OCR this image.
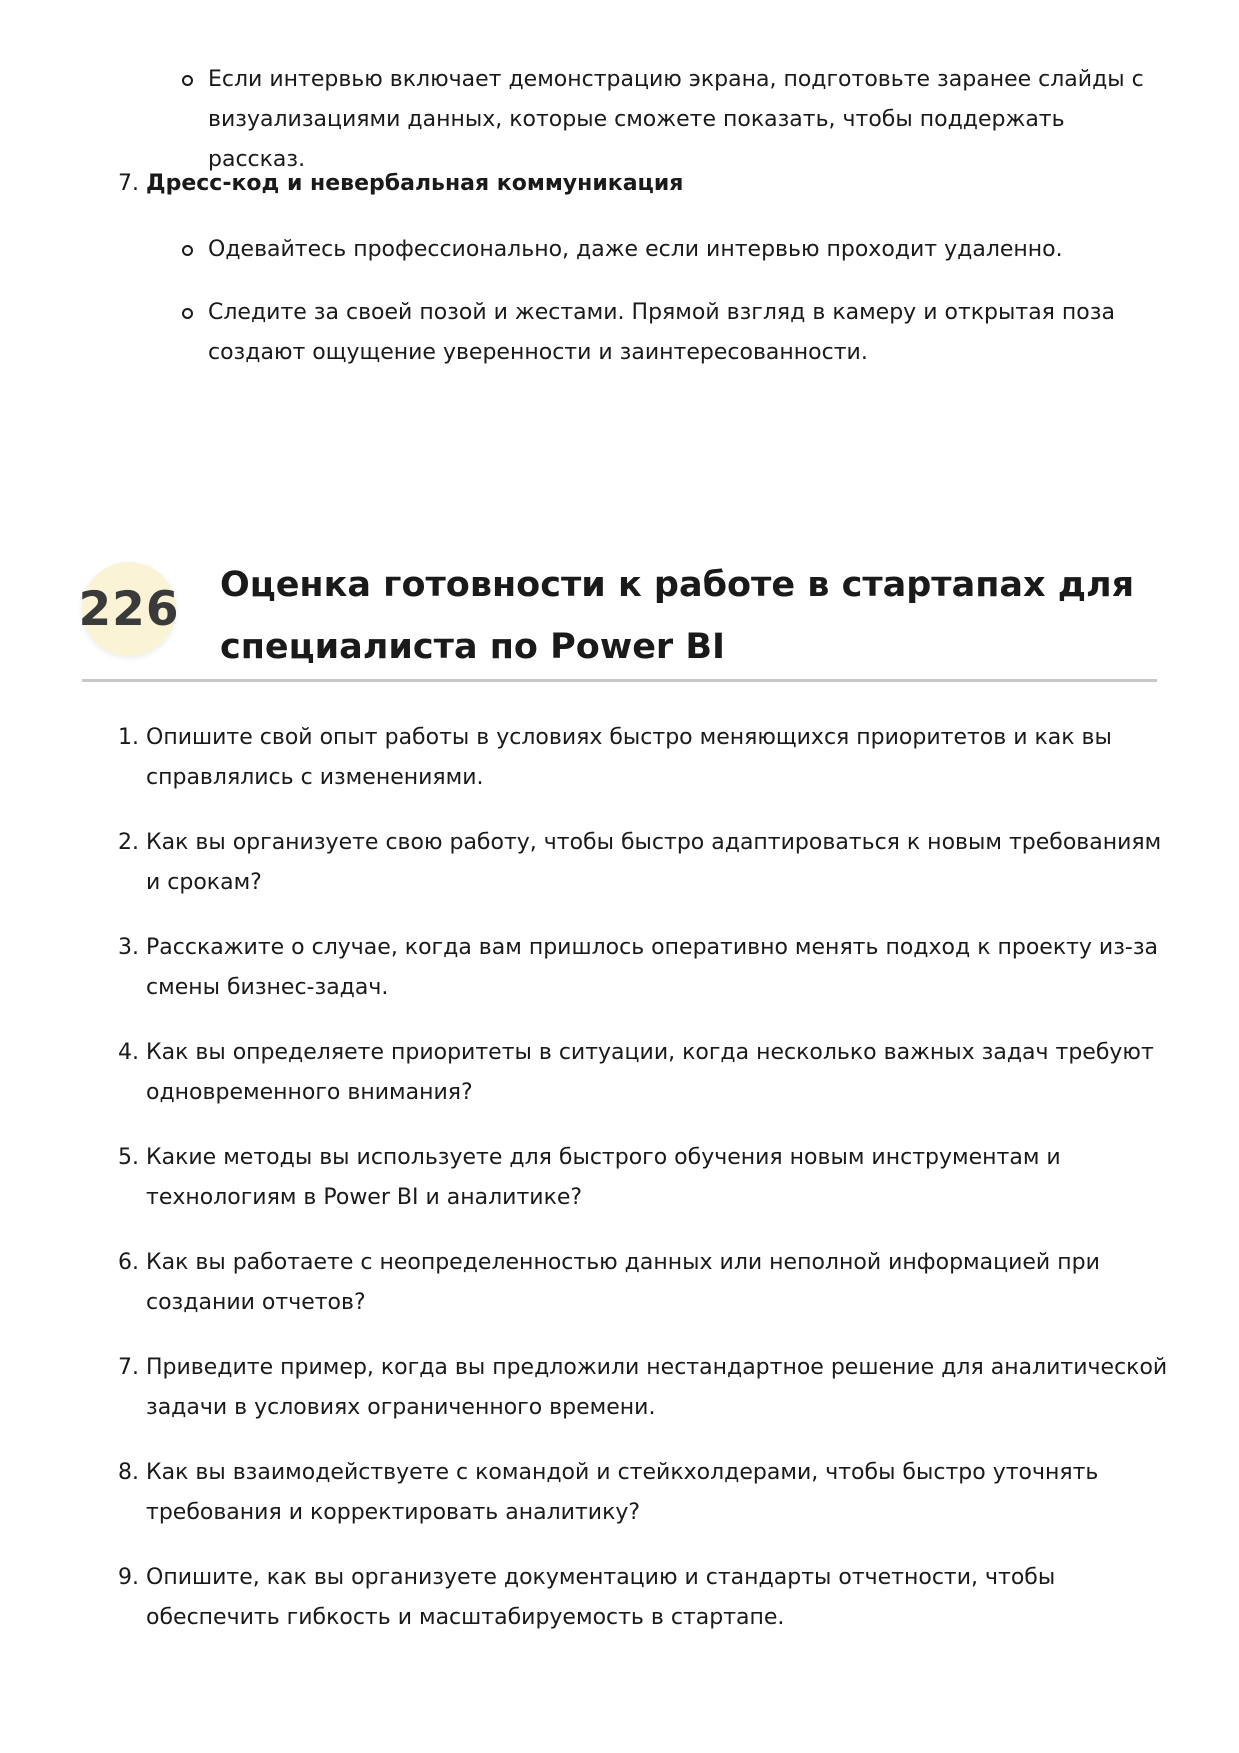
Если интервью включает демонстрацию экрана, подготовьте заранее слайды с визуализациями данных, которые сможете показать, чтобы поддержать рассказ.
7. Дресс-код и невербальная коммуникация
Одевайтесь профессионально, даже если интервью проходит удаленно.
Следите за своей позой и жестами. Прямой взгляд в камеру и открытая поза создают ощущение уверенности и заинтересованности.
226 Оценка готовности к работе в стартапах для специалиста по Power BI
1. Опишите свой опыт работы в условиях быстро меняющихся приоритетов и как вы справлялись с изменениями.
2. Как вы организуете свою работу, чтобы быстро адаптироваться к новым требованиям и срокам?
3. Расскажите о случае, когда вам пришлось оперативно менять подход к проекту из-за смены бизнес-задач.
4. Как вы определяете приоритеты в ситуации, когда несколько важных задач требуют одновременного внимания?
5. Какие методы вы используете для быстрого обучения новым инструментам и технологиям в Power BI и аналитике?
6. Как вы работаете с неопределенностью данных или неполной информацией при создании отчетов?
7. Приведите пример, когда вы предложили нестандартное решение для аналитической задачи в условиях ограниченного времени.
8. Как вы взаимодействуете с командой и стейкхолдерами, чтобы быстро уточнять требования и корректировать аналитику?
9. Опишите, как вы организуете документацию и стандарты отчетности, чтобы обеспечить гибкость и масштабируемость в стартапе.
